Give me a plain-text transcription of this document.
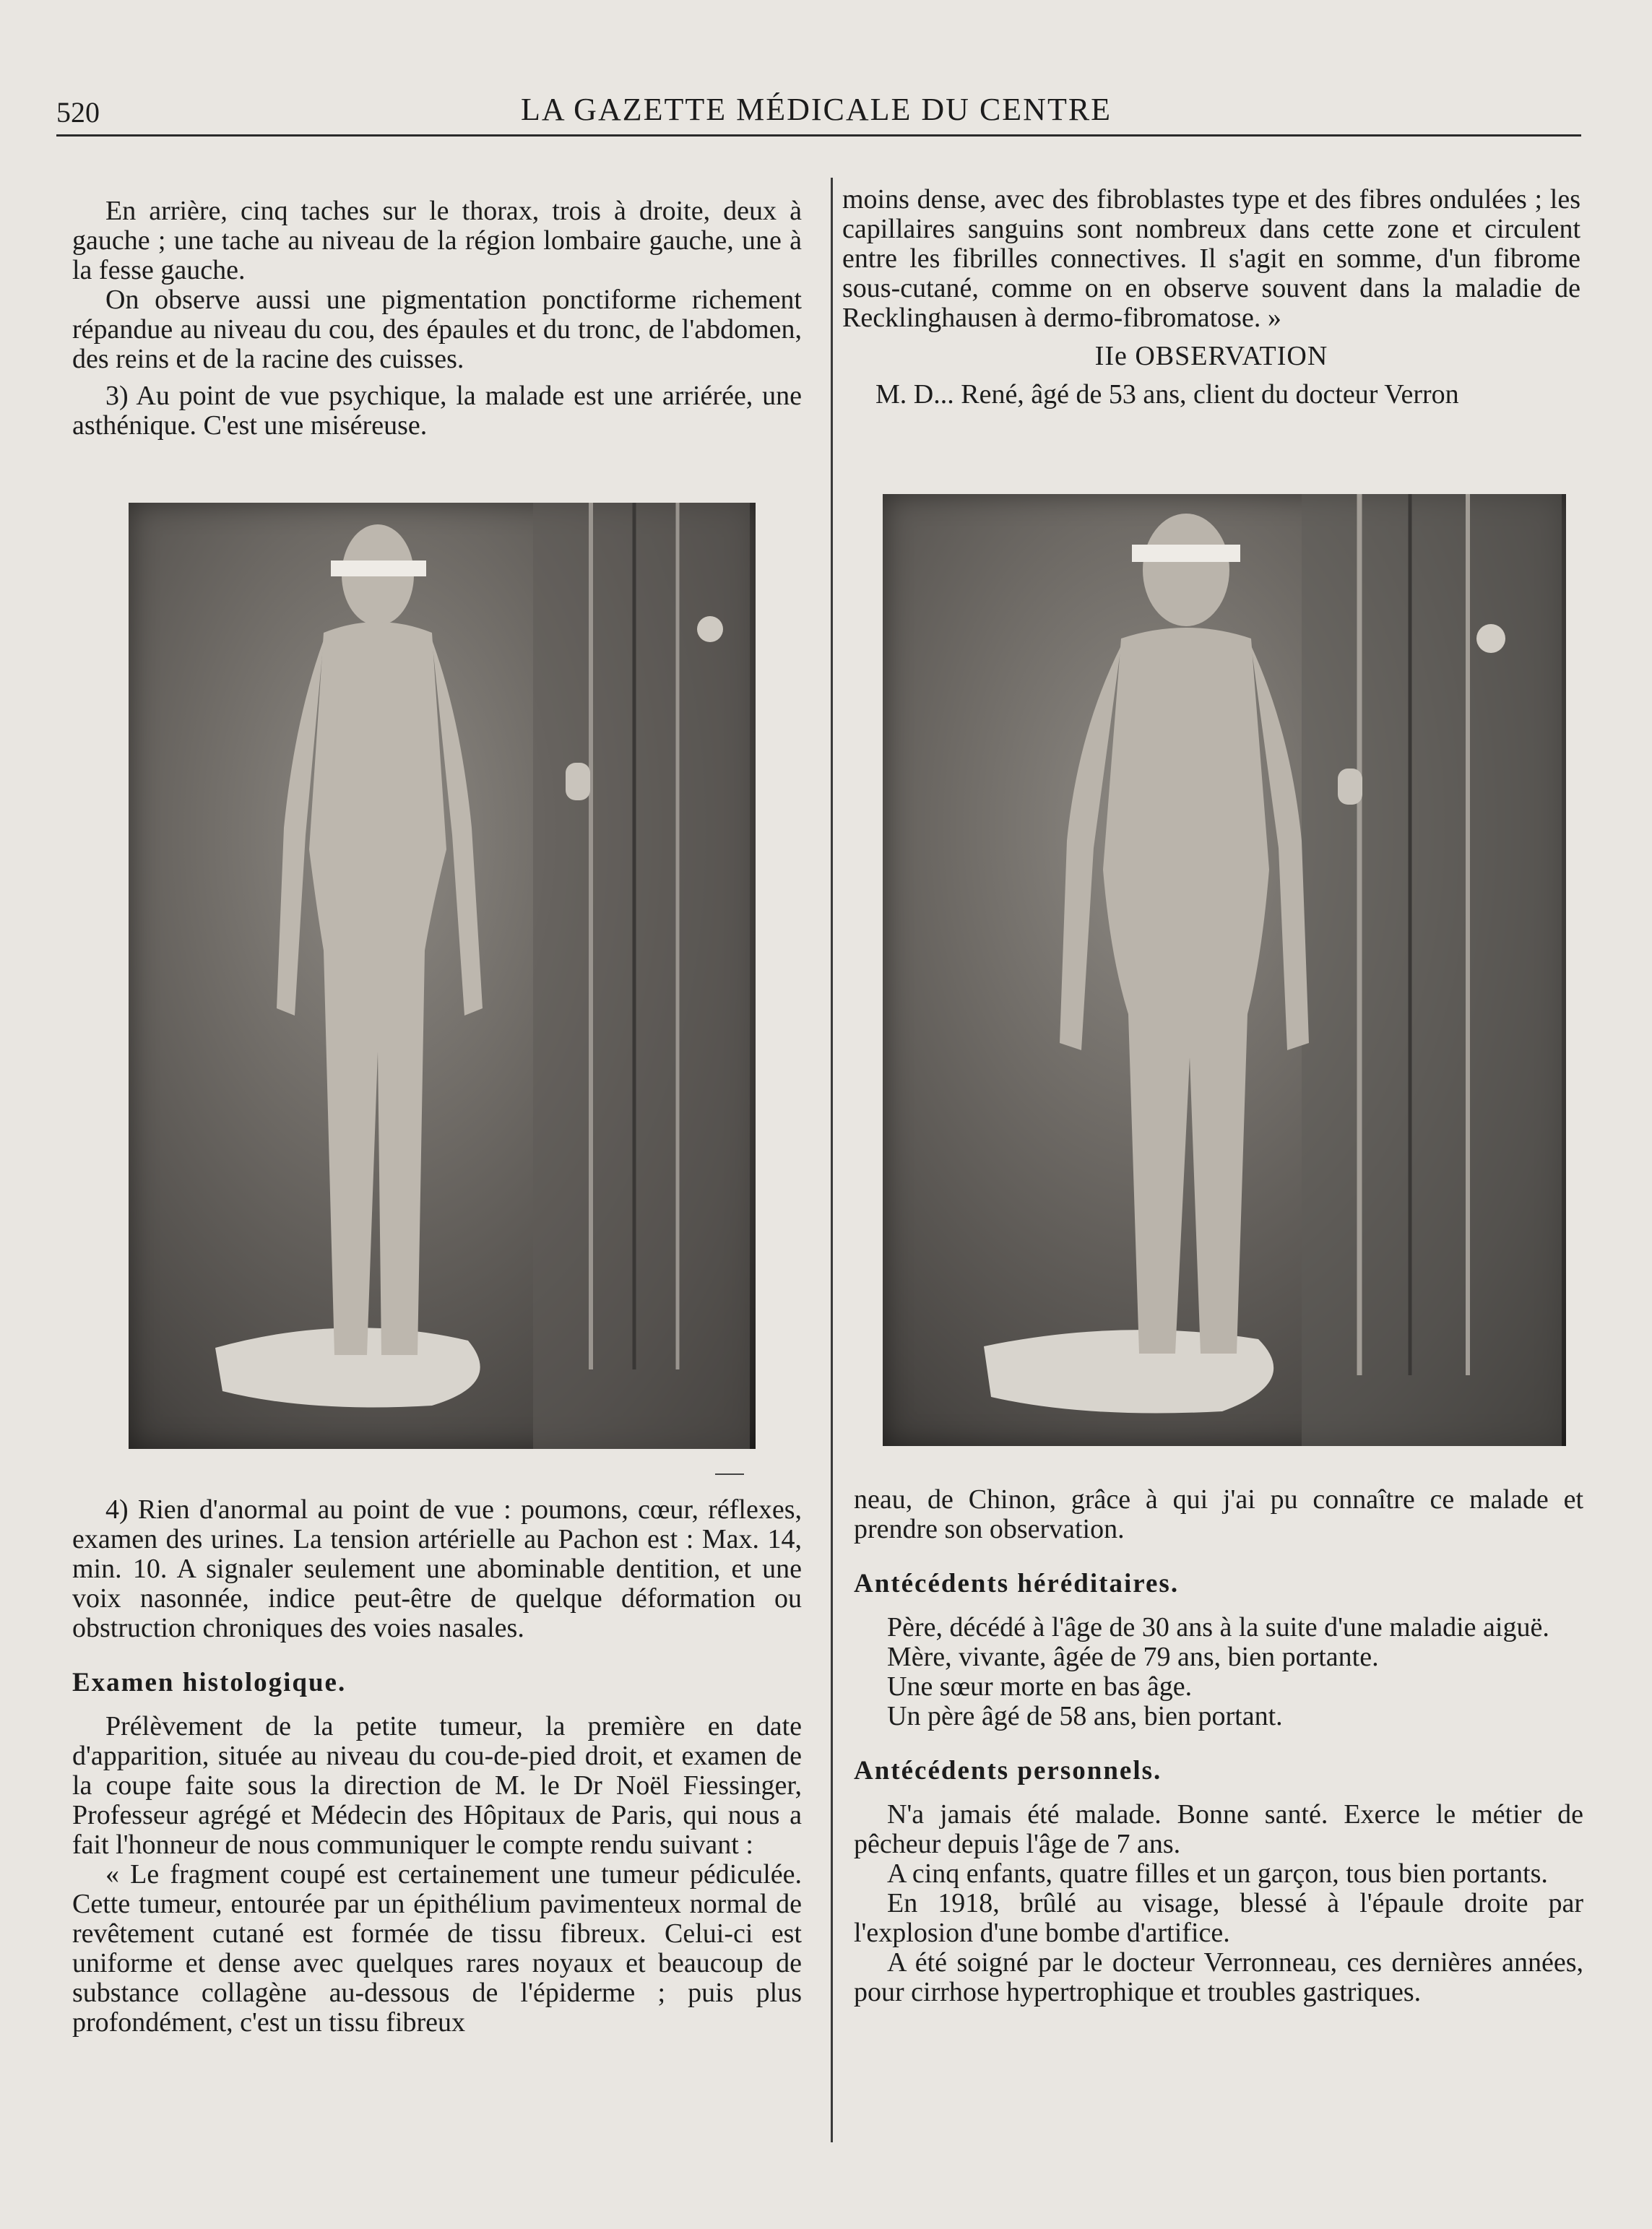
520	LA GAZETTE MÉDICALE DU CENTRE

En arrière, cinq taches sur le thorax, trois à droite, deux à gauche ; une tache au niveau de la région lombaire gauche, une à la fesse gauche.

On observe aussi une pigmentation ponctiforme richement répandue au niveau du cou, des épaules et du tronc, de l'abdomen, des reins et de la racine des cuisses.

3) Au point de vue psychique, la malade est une arriérée, une asthénique. C'est une miséreuse.

moins dense, avec des fibroblastes type et des fibres ondulées ; les capillaires sanguins sont nombreux dans cette zone et circulent entre les fibrilles connectives. Il s'agit en somme, d'un fibrome sous-cutané, comme on en observe souvent dans la maladie de Recklinghausen à dermo-fibromatose. »

IIe OBSERVATION

M. D... René, âgé de 53 ans, client du docteur Verron

4) Rien d'anormal au point de vue : poumons, cœur, réflexes, examen des urines. La tension artérielle au Pachon est : Max. 14, min. 10. A signaler seulement une abominable dentition, et une voix nasonnée, indice peut-être de quelque déformation ou obstruction chroniques des voies nasales.

Examen histologique.

Prélèvement de la petite tumeur, la première en date d'apparition, située au niveau du cou-de-pied droit, et examen de la coupe faite sous la direction de M. le Dr Noël Fiessinger, Professeur agrégé et Médecin des Hôpitaux de Paris, qui nous a fait l'honneur de nous communiquer le compte rendu suivant :

« Le fragment coupé est certainement une tumeur pédiculée. Cette tumeur, entourée par un épithélium pavimenteux normal de revêtement cutané est formée de tissu fibreux. Celui-ci est uniforme et dense avec quelques rares noyaux et beaucoup de substance collagène au-dessous de l'épiderme ; puis plus profondément, c'est un tissu fibreux

neau, de Chinon, grâce à qui j'ai pu connaître ce malade et prendre son observation.

Antécédents héréditaires.

Père, décédé à l'âge de 30 ans à la suite d'une maladie aiguë.

Mère, vivante, âgée de 79 ans, bien portante.

Une sœur morte en bas âge.

Un père âgé de 58 ans, bien portant.

Antécédents personnels.

N'a jamais été malade. Bonne santé. Exerce le métier de pêcheur depuis l'âge de 7 ans.

A cinq enfants, quatre filles et un garçon, tous bien portants.

En 1918, brûlé au visage, blessé à l'épaule droite par l'explosion d'une bombe d'artifice.

A été soigné par le docteur Verronneau, ces dernières années, pour cirrhose hypertrophique et troubles gastriques.
